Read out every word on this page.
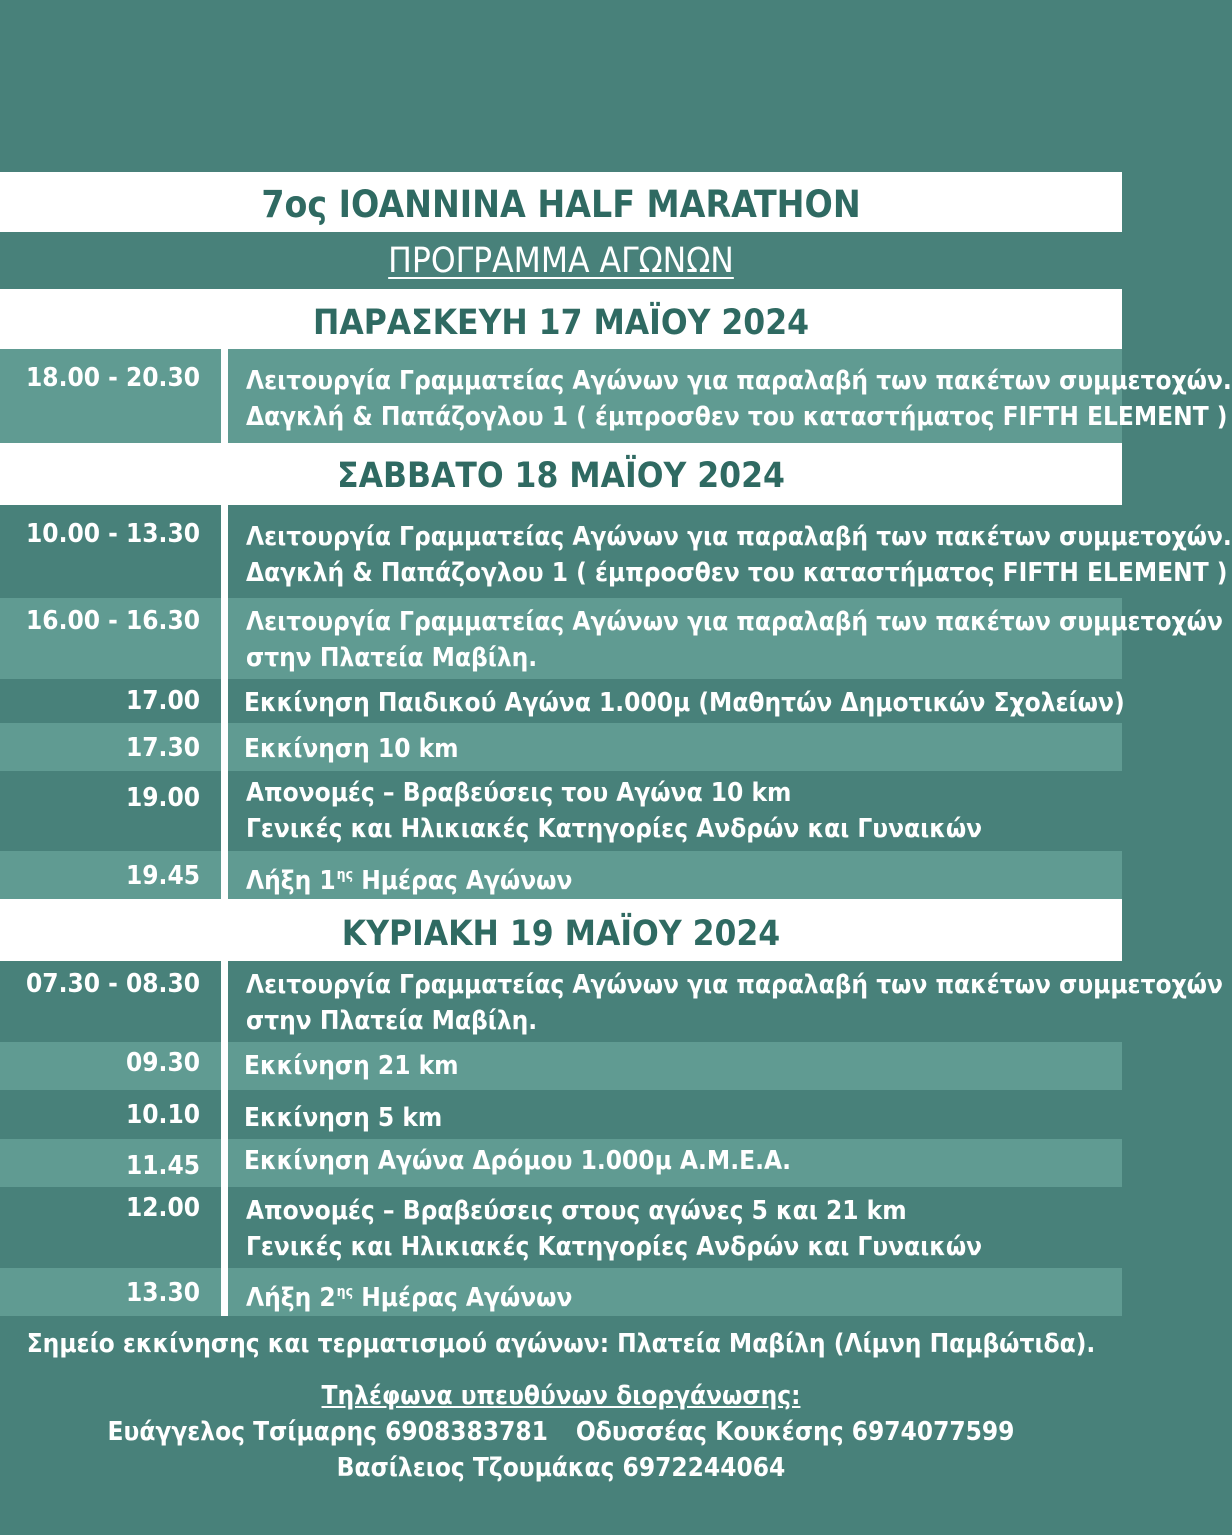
7ος IOANNINA HALF MARATHON
ΠΡΟΓΡΑΜΜΑ ΑΓΩΝΩΝ
ΠΑΡΑΣΚΕΥΗ 17 ΜΑΪΟΥ 2024
18.00 - 20.30 Λειτουργία Γραμματείας Αγώνων για παραλαβή των πακέτων συμμετοχών.
Δαγκλή & Παπάζογλου 1 ( έμπροσθεν του καταστήματος FIFTH ELEMENT )
ΣΑΒΒΑΤΟ 18 ΜΑΪΟΥ 2024
10.00 - 13.30 Λειτουργία Γραμματείας Αγώνων για παραλαβή των πακέτων συμμετοχών.
Δαγκλή & Παπάζογλου 1 ( έμπροσθεν του καταστήματος FIFTH ELEMENT )
16.00 - 16.30 Λειτουργία Γραμματείας Αγώνων για παραλαβή των πακέτων συμμετοχών
στην Πλατεία Μαβίλη.
17.00 Εκκίνηση Παιδικού Αγώνα 1.000μ (Μαθητών Δημοτικών Σχολείων)
17.30 Εκκίνηση 10 km
19.00 Απονομές – Βραβεύσεις του Αγώνα 10 km
Γενικές και Ηλικιακές Κατηγορίες Ανδρών και Γυναικών
19.45 Λήξη $1^{\eta\varsigma}$ Ημέρας Αγώνων
ΚΥΡΙΑΚΗ 19 ΜΑΪΟΥ 2024
07.30 - 08.30 Λειτουργία Γραμματείας Αγώνων για παραλαβή των πακέτων συμμετοχών
στην Πλατεία Μαβίλη.
09.30 Εκκίνηση 21 km
10.10 Εκκίνηση 5 km
11.45 Εκκίνηση Αγώνα Δρόμου 1.000μ Α.Μ.Ε.Α.
12.00 Απονομές – Βραβεύσεις στους αγώνες 5 και 21 km
Γενικές και Ηλικιακές Κατηγορίες Ανδρών και Γυναικών
13.30 Λήξη $2^{\eta\varsigma}$ Ημέρας Αγώνων
Σημείο εκκίνησης και τερματισμού αγώνων: Πλατεία Μαβίλη (Λίμνη Παμβώτιδα).
Τηλέφωνα υπευθύνων διοργάνωσης:
Ευάγγελος Τσίμαρης 6908383781 Οδυσσέας Κουκέσης 6974077599
Βασίλειος Τζουμάκας 6972244064
